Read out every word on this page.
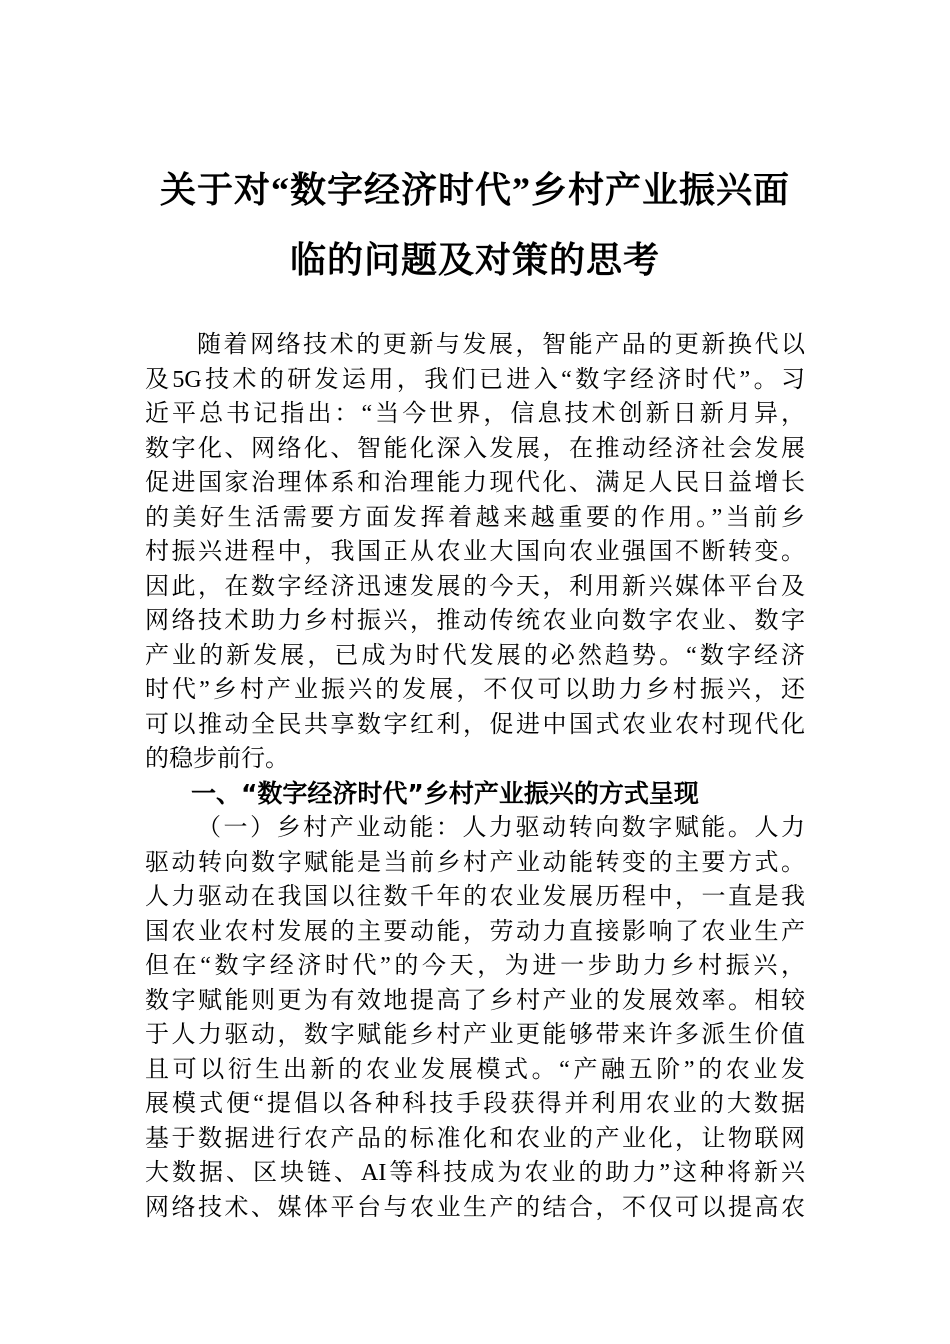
关于对“数字经济时代”乡村产业振兴面
临的问题及对策的思考
随着网络技术的更新与发展，智能产品的更新换代以
及5G技术的研发运用，我们已进入“数字经济时代”。习
近平总书记指出：“当今世界，信息技术创新日新月异，
数字化、网络化、智能化深入发展，在推动经济社会发展
促进国家治理体系和治理能力现代化、满足人民日益增长
的美好生活需要方面发挥着越来越重要的作用。”当前乡
村振兴进程中，我国正从农业大国向农业强国不断转变。
因此，在数字经济迅速发展的今天，利用新兴媒体平台及
网络技术助力乡村振兴，推动传统农业向数字农业、数字
产业的新发展，已成为时代发展的必然趋势。“数字经济
时代”乡村产业振兴的发展，不仅可以助力乡村振兴，还
可以推动全民共享数字红利，促进中国式农业农村现代化
的稳步前行。
一、“数字经济时代”乡村产业振兴的方式呈现
（一）乡村产业动能：人力驱动转向数字赋能。人力
驱动转向数字赋能是当前乡村产业动能转变的主要方式。
人力驱动在我国以往数千年的农业发展历程中，一直是我
国农业农村发展的主要动能，劳动力直接影响了农业生产
但在“数字经济时代”的今天，为进一步助力乡村振兴，
数字赋能则更为有效地提高了乡村产业的发展效率。相较
于人力驱动，数字赋能乡村产业更能够带来许多派生价值
且可以衍生出新的农业发展模式。“产融五阶”的农业发
展模式便“提倡以各种科技手段获得并利用农业的大数据
基于数据进行农产品的标准化和农业的产业化，让物联网
大数据、区块链、AI等科技成为农业的助力”这种将新兴
网络技术、媒体平台与农业生产的结合，不仅可以提高农
